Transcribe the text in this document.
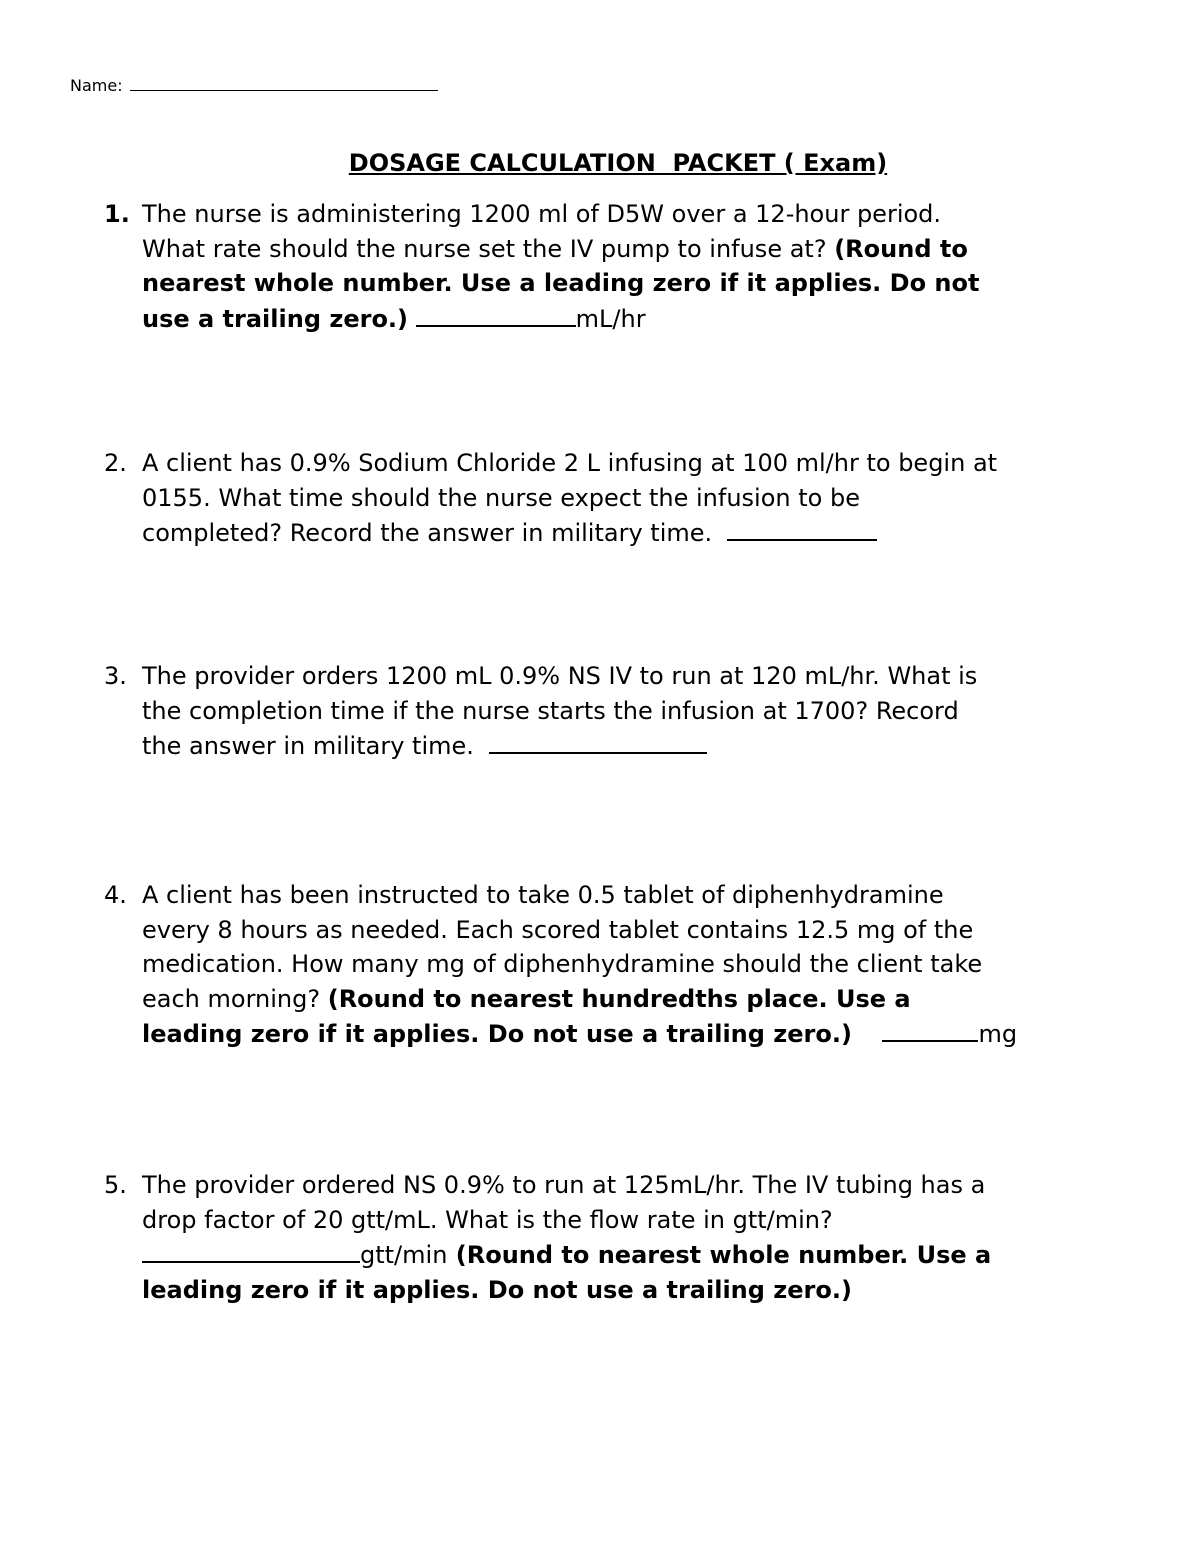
Name:
DOSAGE CALCULATION  PACKET ( Exam)
1. The nurse is administering 1200 ml of D5W over a 12-hour period.
What rate should the nurse set the IV pump to infuse at? (Round to
nearest whole number. Use a leading zero if it applies. Do not
use a trailing zero.)	mL/hr
2. A client has 0.9% Sodium Chloride 2 L infusing at 100 ml/hr to begin at
0155. What time should the nurse expect the infusion to be
completed? Record the answer in military time.
3. The provider orders 1200 mL 0.9% NS IV to run at 120 mL/hr. What is
the completion time if the nurse starts the infusion at 1700? Record
the answer in military time.
4. A client has been instructed to take 0.5 tablet of diphenhydramine
every 8 hours as needed. Each scored tablet contains 12.5 mg of the
medication. How many mg of diphenhydramine should the client take
each morning? (Round to nearest hundredths place. Use a
leading zero if it applies. Do not use a trailing zero.)	mg
5. The provider ordered NS 0.9% to run at 125mL/hr. The IV tubing has a
drop factor of 20 gtt/mL. What is the flow rate in gtt/min?
gtt/min (Round to nearest whole number. Use a
leading zero if it applies. Do not use a trailing zero.)
